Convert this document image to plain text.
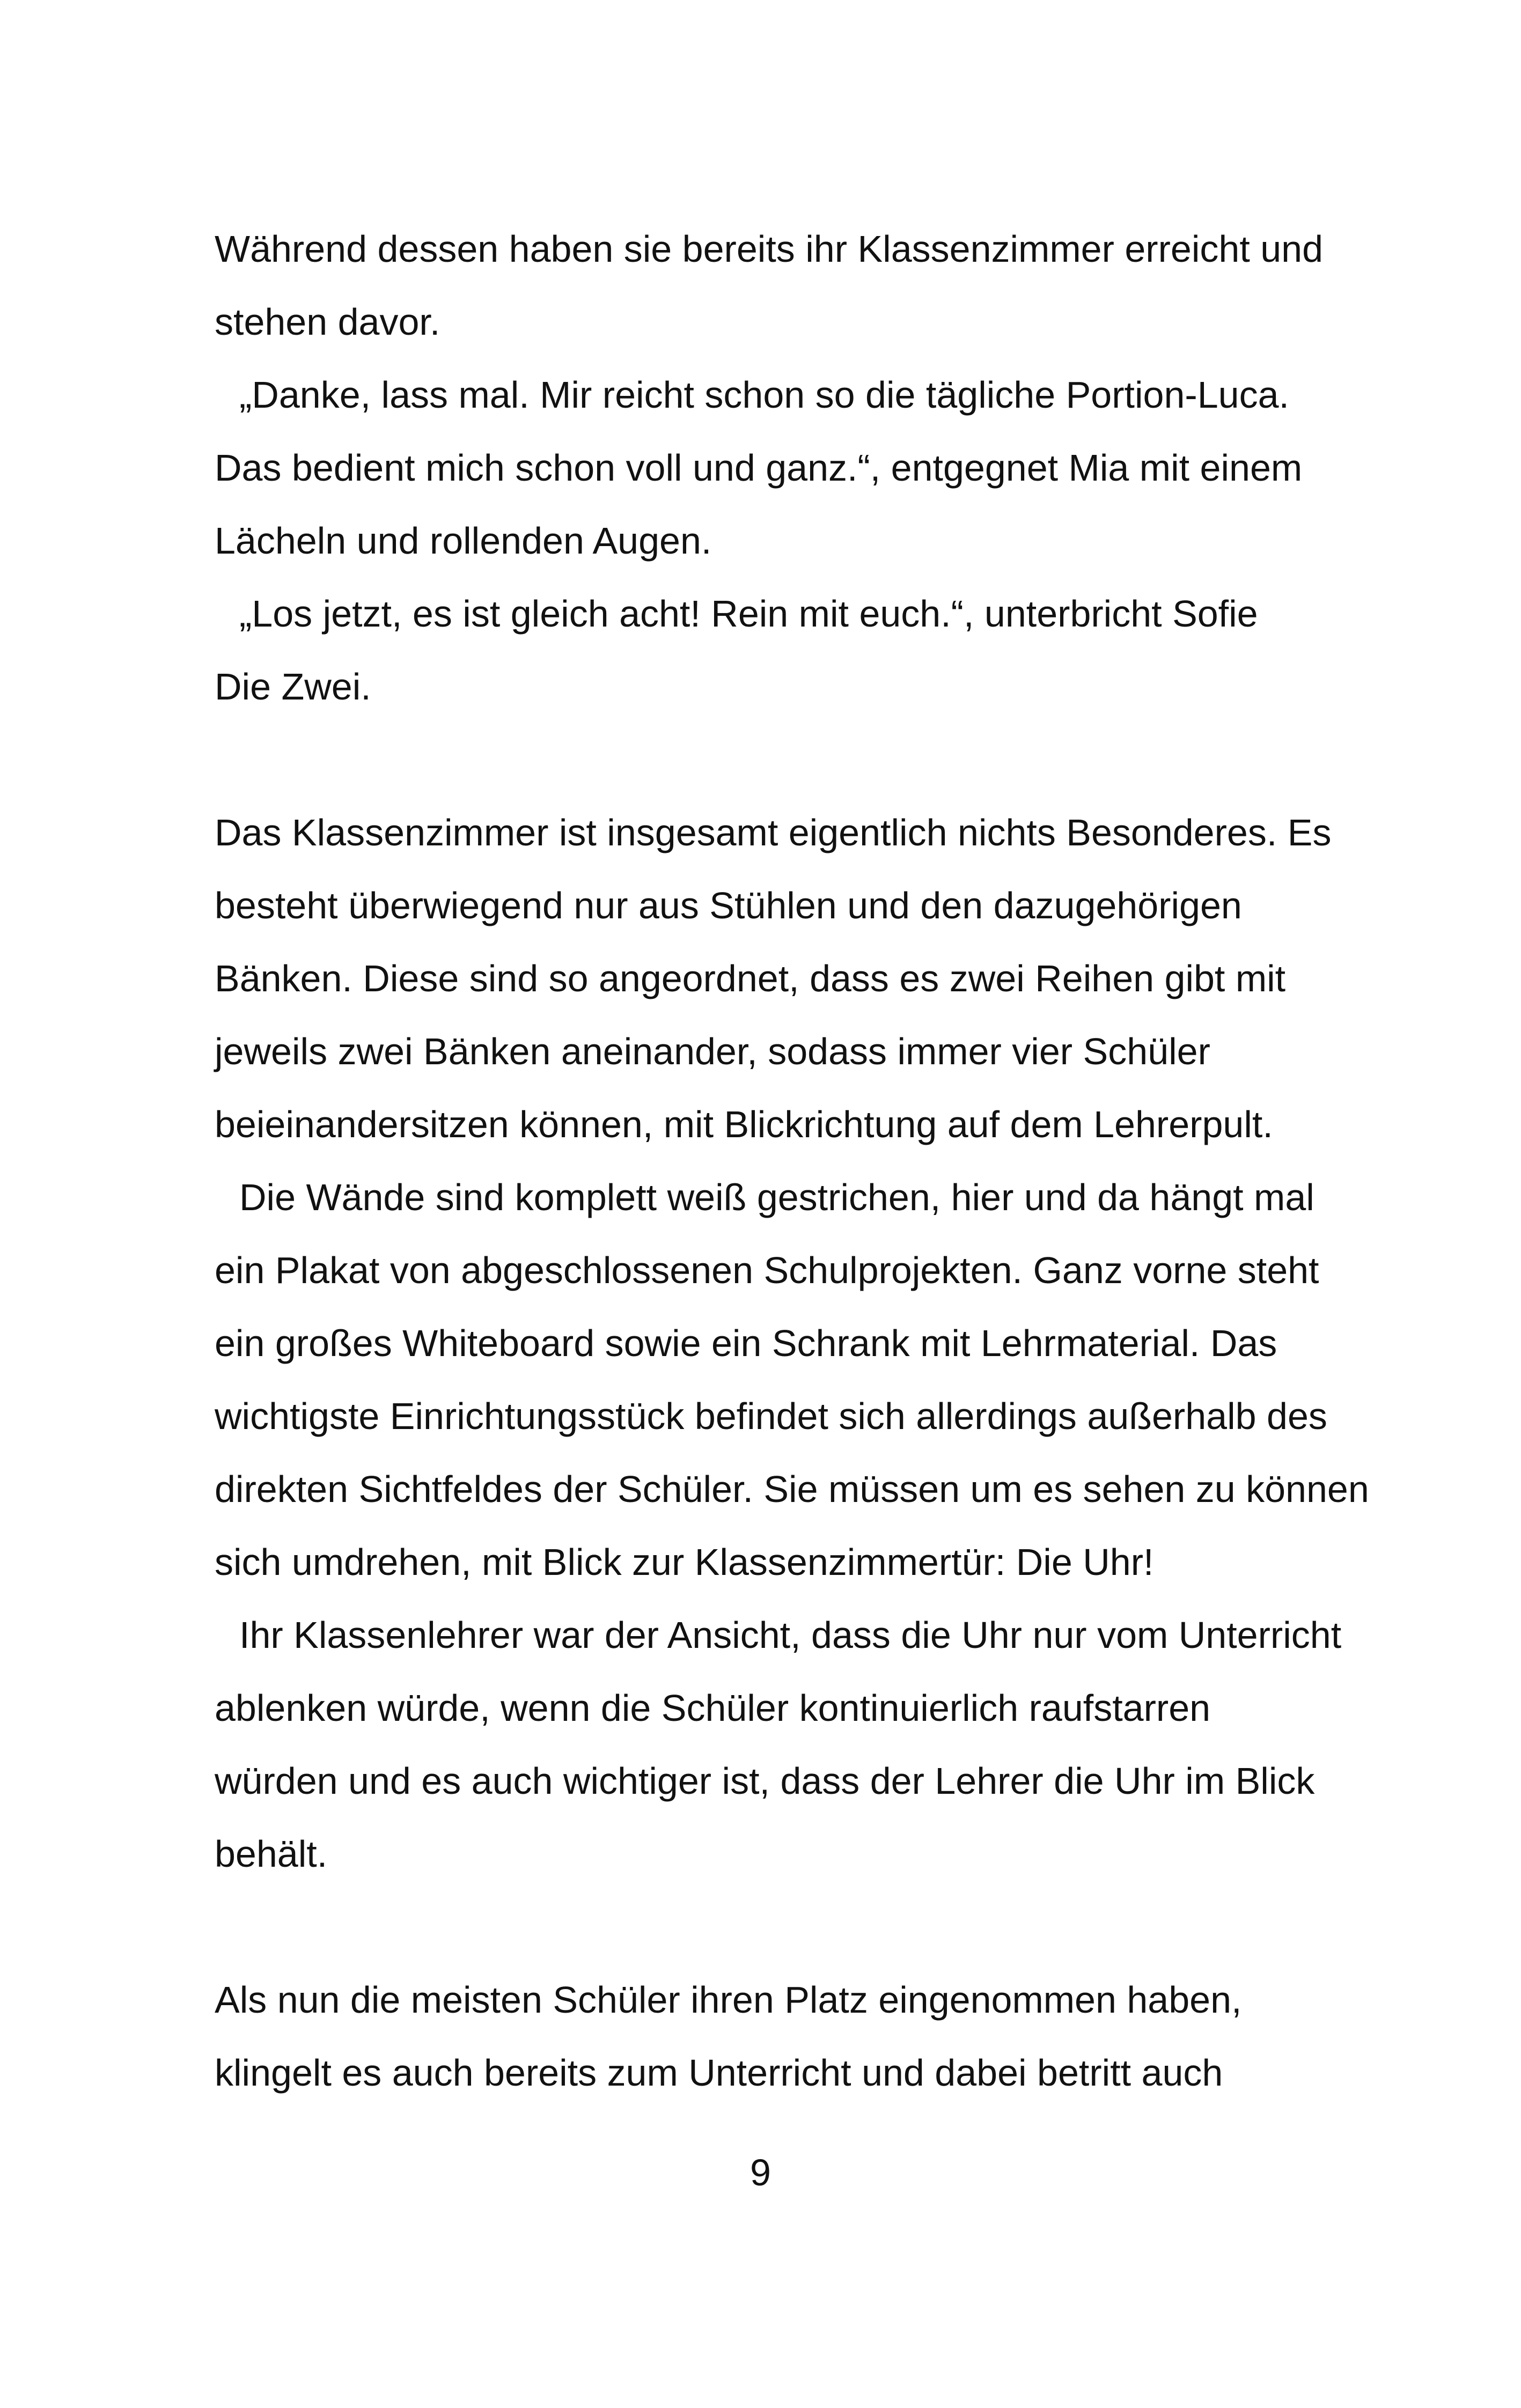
Während dessen haben sie bereits ihr Klassenzimmer erreicht und
stehen davor.
„Danke, lass mal. Mir reicht schon so die tägliche Portion-Luca.
Das bedient mich schon voll und ganz.“, entgegnet Mia mit einem
Lächeln und rollenden Augen.
„Los jetzt, es ist gleich acht! Rein mit euch.“, unterbricht Sofie
Die Zwei.
Das Klassenzimmer ist insgesamt eigentlich nichts Besonderes. Es
besteht überwiegend nur aus Stühlen und den dazugehörigen
Bänken. Diese sind so angeordnet, dass es zwei Reihen gibt mit
jeweils zwei Bänken aneinander, sodass immer vier Schüler
beieinandersitzen können, mit Blickrichtung auf dem Lehrerpult.
Die Wände sind komplett weiß gestrichen, hier und da hängt mal
ein Plakat von abgeschlossenen Schulprojekten. Ganz vorne steht
ein großes Whiteboard sowie ein Schrank mit Lehrmaterial. Das
wichtigste Einrichtungsstück befindet sich allerdings außerhalb des
direkten Sichtfeldes der Schüler. Sie müssen um es sehen zu können
sich umdrehen, mit Blick zur Klassenzimmertür: Die Uhr!
Ihr Klassenlehrer war der Ansicht, dass die Uhr nur vom Unterricht
ablenken würde, wenn die Schüler kontinuierlich raufstarren
würden und es auch wichtiger ist, dass der Lehrer die Uhr im Blick
behält.
Als nun die meisten Schüler ihren Platz eingenommen haben,
klingelt es auch bereits zum Unterricht und dabei betritt auch
9
